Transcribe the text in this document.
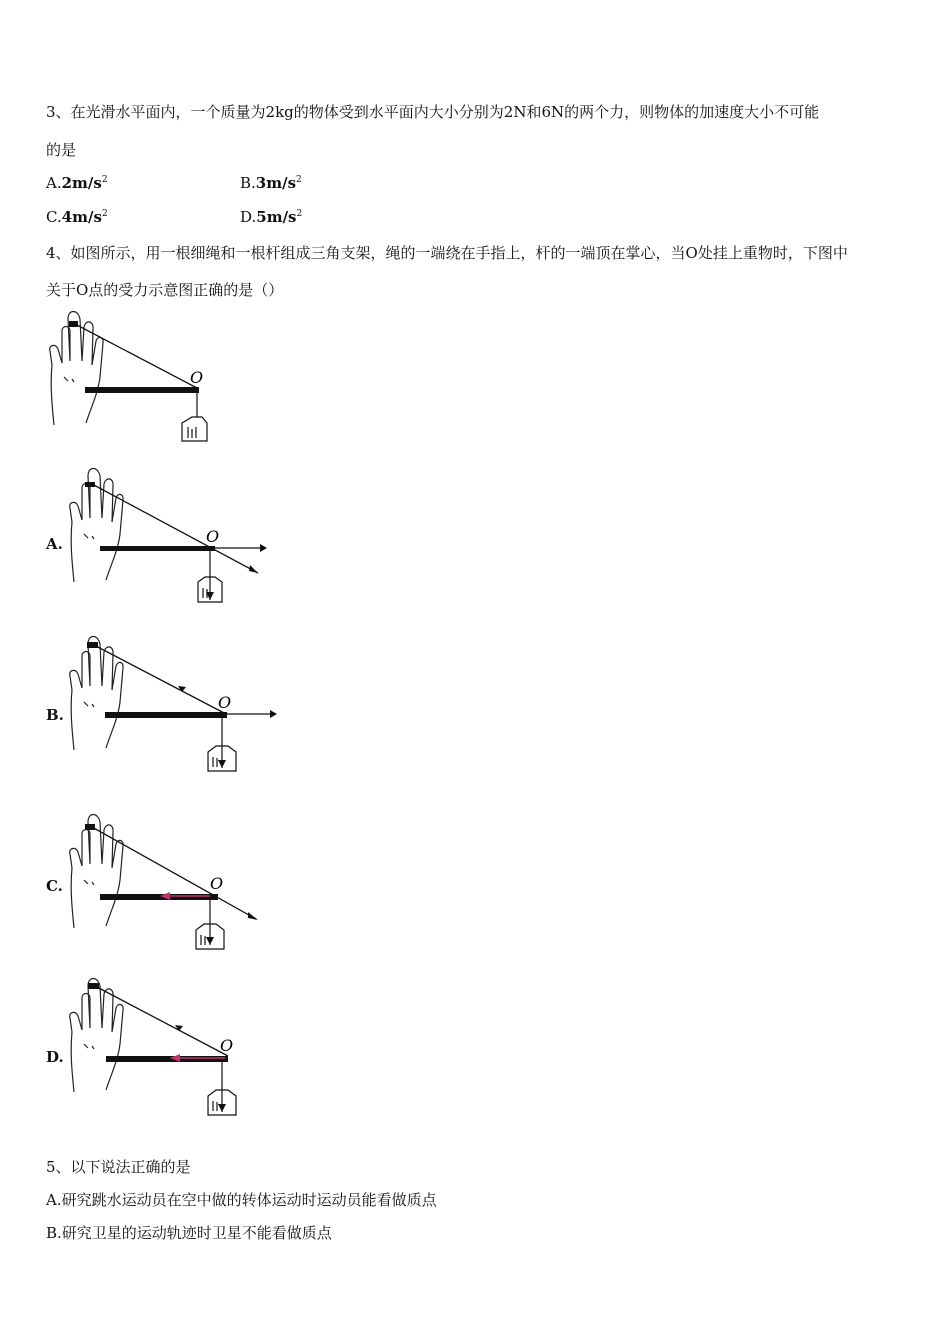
3、在光滑水平面内，一个质量为2kg的物体受到水平面内大小分别为2N和6N的两个力，则物体的加速度大小不可能
的是
$A.2m/s^2$	$B.3m/s^2$
$C.4m/s^2$	$D.5m/s^2$
4、如图所示，用一根细绳和一根杆组成三角支架，绳的一端绕在手指上，杆的一端顶在掌心，当O处挂上重物时，下图中
关于O点的受力示意图正确的是（）
O
A.	O
B.
O
C.	O
D.
O
5、以下说法正确的是
A.研究跳水运动员在空中做的转体运动时运动员能看做质点
B.研究卫星的运动轨迹时卫星不能看做质点
